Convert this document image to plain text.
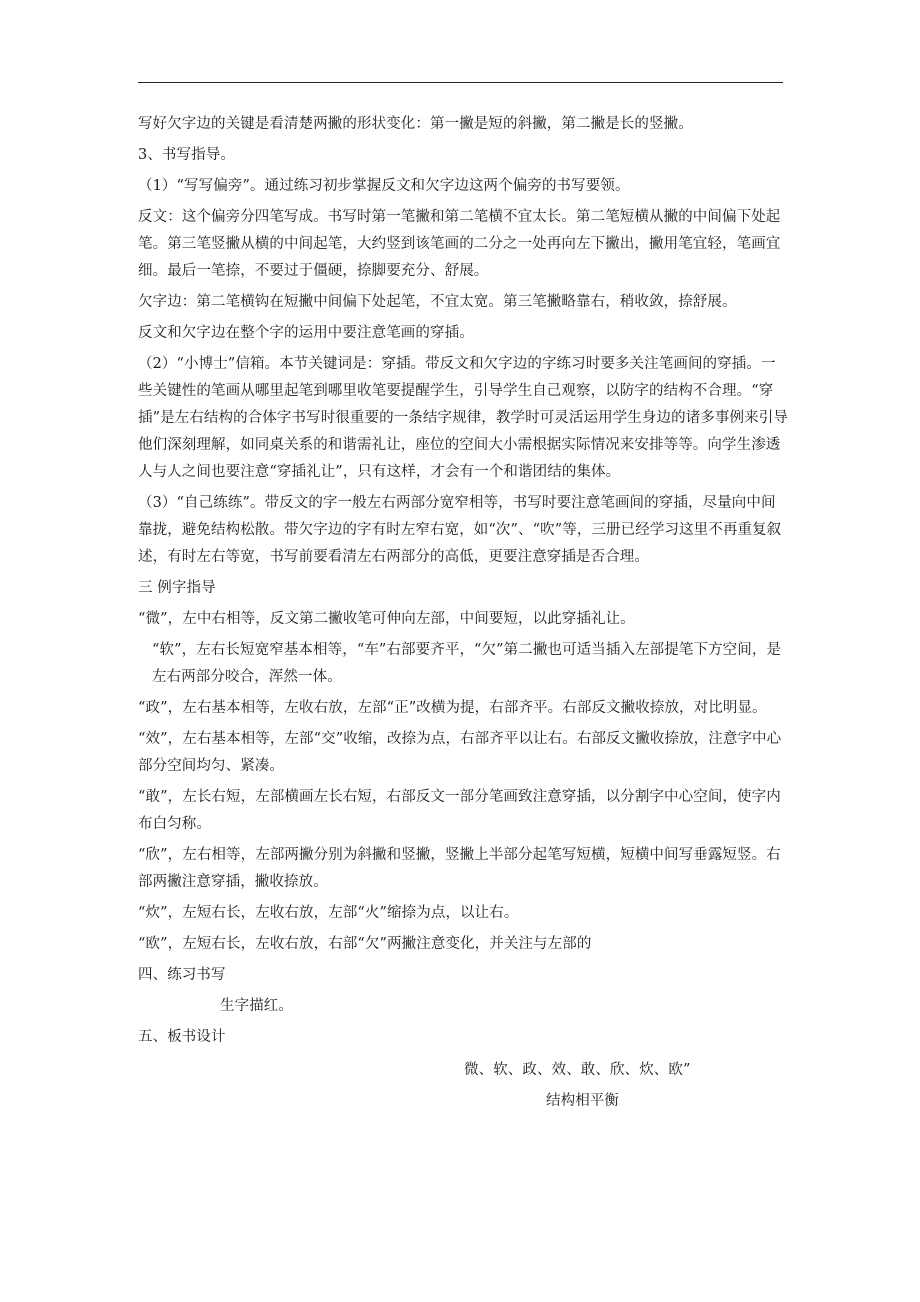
写好欠字边的关键是看清楚两撇的形状变化：第一撇是短的斜撇，第二撇是长的竖撇。

3、书写指导。

（1）“写写偏旁”。通过练习初步掌握反文和欠字边这两个偏旁的书写要领。

反文：这个偏旁分四笔写成。书写时第一笔撇和第二笔横不宜太长。第二笔短横从撇的中间偏下处起笔。第三笔竖撇从横的中间起笔，大约竖到该笔画的二分之一处再向左下撇出，撇用笔宜轻，笔画宜细。最后一笔捺，不要过于僵硬，捺脚要充分、舒展。

欠字边：第二笔横钩在短撇中间偏下处起笔，不宜太宽。第三笔撇略靠右，稍收敛，捺舒展。

反文和欠字边在整个字的运用中要注意笔画的穿插。

（2）“小博士”信箱。本节关键词是：穿插。带反文和欠字边的字练习时要多关注笔画间的穿插。一些关键性的笔画从哪里起笔到哪里收笔要提醒学生，引导学生自己观察，以防字的结构不合理。“穿插”是左右结构的合体字书写时很重要的一条结字规律，教学时可灵活运用学生身边的诸多事例来引导他们深刻理解，如同桌关系的和谐需礼让，座位的空间大小需根据实际情况来安排等等。向学生渗透人与人之间也要注意“穿插礼让”，只有这样，才会有一个和谐团结的集体。

（3）“自己练练”。带反文的字一般左右两部分宽窄相等，书写时要注意笔画间的穿插，尽量向中间靠拢，避免结构松散。带欠字边的字有时左窄右宽，如“次”、“吹”等，三册已经学习这里不再重复叙述，有时左右等宽，书写前要看清左右两部分的高低，更要注意穿插是否合理。

三 例字指导

“微”，左中右相等，反文第二撇收笔可伸向左部，中间要短，以此穿插礼让。

“软”，左右长短宽窄基本相等，“车”右部要齐平，“欠”第二撇也可适当插入左部提笔下方空间，是左右两部分咬合，浑然一体。

“政”，左右基本相等，左收右放，左部“正”改横为提，右部齐平。右部反文撇收捺放，对比明显。

“效”，左右基本相等，左部“交”收缩，改捺为点，右部齐平以让右。右部反文撇收捺放，注意字中心部分空间均匀、紧凑。

“敢”，左长右短，左部横画左长右短，右部反文一部分笔画致注意穿插，以分割字中心空间，使字内布白匀称。

“欣”，左右相等，左部两撇分别为斜撇和竖撇，竖撇上半部分起笔写短横，短横中间写垂露短竖。右部两撇注意穿插，撇收捺放。

“炊”，左短右长，左收右放，左部“火”缩捺为点，以让右。

“欧”，左短右长，左收右放，右部“欠”两撇注意变化，并关注与左部的

四、练习书写

生字描红。

五、板书设计

微、软、政、效、敢、欣、炊、欧”

结构相平衡
